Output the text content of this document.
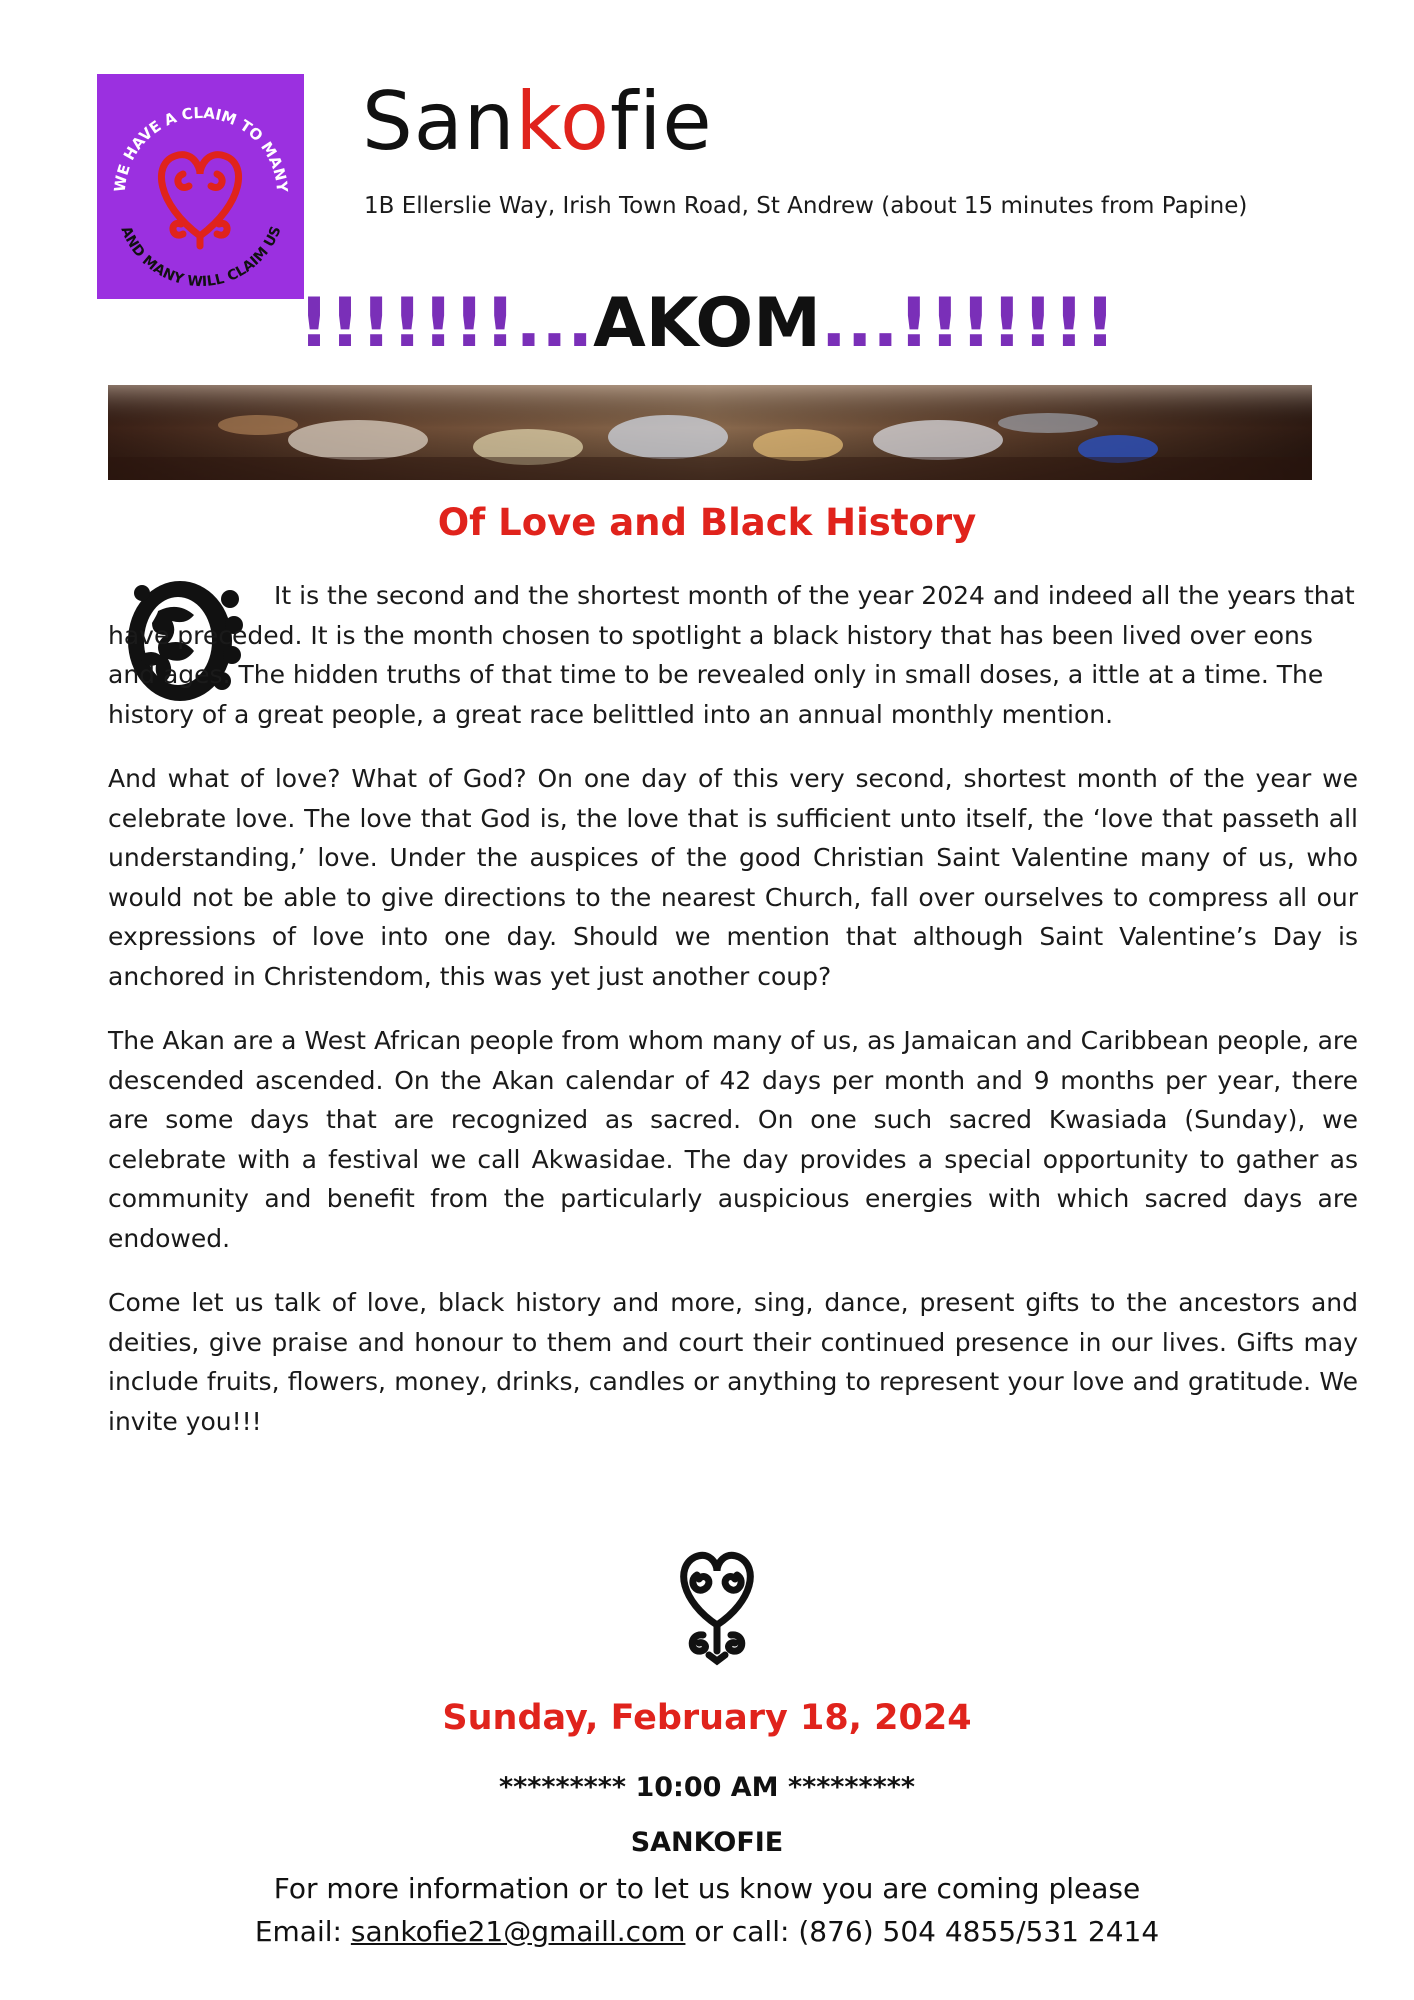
WE HAVE A CLAIM TO MANY
AND MANY WILL CLAIM US
Sankofie
1B Ellerslie Way, Irish Town Road, St Andrew (about 15 minutes from Papine)
!!!!!!!...AKOM...!!!!!!!
Of Love and Black History

It is the second and the shortest month of the year 2024 and indeed all the years that have preceded. It is the month chosen to spotlight a black history that has been lived over eons and ages. The hidden truths of that time to be revealed only in small doses, a ittle at a time. The history of a great people, a great race belittled into an annual monthly mention.

And what of love? What of God? On one day of this very second, shortest month of the year we celebrate love. The love that God is, the love that is sufficient unto itself, the ‘love that passeth all understanding,’ love. Under the auspices of the good Christian Saint Valentine many of us, who would not be able to give directions to the nearest Church, fall over ourselves to compress all our expressions of love into one day. Should we mention that although Saint Valentine’s Day is anchored in Christendom, this was yet just another coup?

The Akan are a West African people from whom many of us, as Jamaican and Caribbean people, are descended ascended. On the Akan calendar of 42 days per month and 9 months per year, there are some days that are recognized as sacred. On one such sacred Kwasiada (Sunday), we celebrate with a festival we call Akwasidae. The day provides a special opportunity to gather as community and benefit from the particularly auspicious energies with which sacred days are endowed.

Come let us talk of love, black history and more, sing, dance, present gifts to the ancestors and deities, give praise and honour to them and court their continued presence in our lives. Gifts may include fruits, flowers, money, drinks, candles or anything to represent your love and gratitude. We invite you!!!

Sunday, February 18, 2024
********* 10:00 AM *********
SANKOFIE
For more information or to let us know you are coming please
Email: sankofie21@gmaill.com or call: (876) 504 4855/531 2414
